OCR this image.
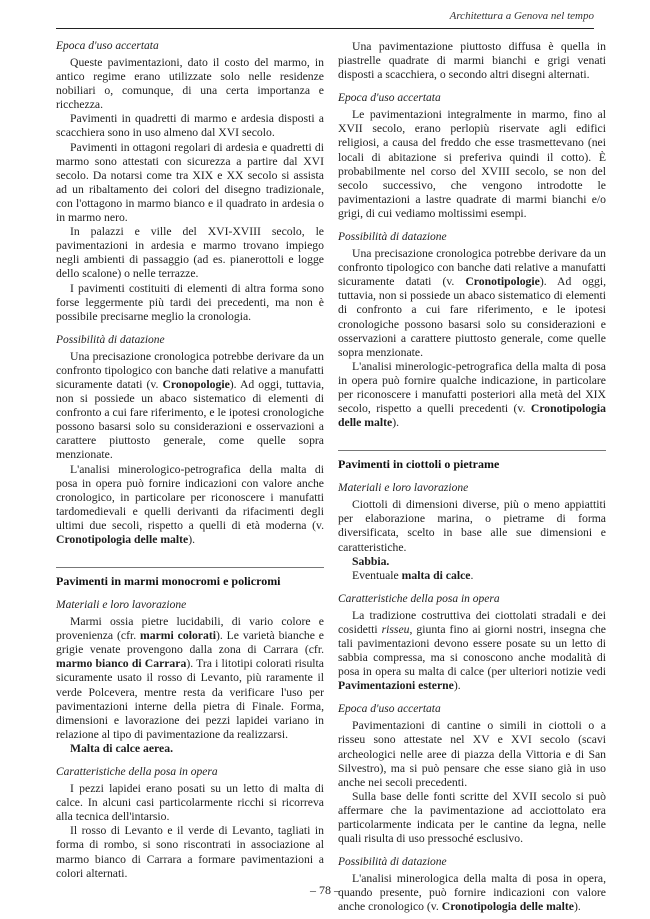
Architettura a Genova nel tempo
Epoca d'uso accertata

Queste pavimentazioni, dato il costo del marmo, in antico regime erano utilizzate solo nelle residenze nobiliari o, comunque, di una certa importanza e ricchezza.

Pavimenti in quadretti di marmo e ardesia disposti a scacchiera sono in uso almeno dal XVI secolo.

Pavimenti in ottagoni regolari di ardesia e quadretti di marmo sono attestati con sicurezza a partire dal XVI secolo. Da notarsi come tra XIX e XX secolo si assista ad un ribaltamento dei colori del disegno tradizionale, con l'ottagono in marmo bianco e il quadrato in ardesia o in marmo nero.

In palazzi e ville del XVI-XVIII secolo, le pavimentazioni in ardesia e marmo trovano impiego negli ambienti di passaggio (ad es. pianerottoli e logge dello scalone) o nelle terrazze.

I pavimenti costituiti di elementi di altra forma sono forse leggermente più tardi dei precedenti, ma non è possibile precisarne meglio la cronologia.

Possibilità di datazione

Una precisazione cronologica potrebbe derivare da un confronto tipologico con banche dati relative a manufatti sicuramente datati (v. Cronopologie). Ad oggi, tuttavia, non si possiede un abaco sistematico di elementi di confronto a cui fare riferimento, e le ipotesi cronologiche possono basarsi solo su considerazioni e osservazioni a carattere piuttosto generale, come quelle sopra menzionate.

L'analisi minerologico-petrografica della malta di posa in opera può fornire indicazioni con valore anche cronologico, in particolare per riconoscere i manufatti tardomedievali e quelli derivanti da rifacimenti degli ultimi due secoli, rispetto a quelli di età moderna (v. Cronotipologia delle malte).

Pavimenti in marmi monocromi e policromi
Materiali e loro lavorazione

Marmi ossia pietre lucidabili, di vario colore e provenienza (cfr. marmi colorati). Le varietà bianche e grigie venate provengono dalla zona di Carrara (cfr. marmo bianco di Carrara). Tra i litotipi colorati risulta sicuramente usato il rosso di Levanto, più raramente il verde Polcevera, mentre resta da verificare l'uso per pavimentazioni interne della pietra di Finale. Forma, dimensioni e lavorazione dei pezzi lapidei variano in relazione al tipo di pavimentazione da realizzarsi.

Malta di calce aerea.

Caratteristiche della posa in opera

I pezzi lapidei erano posati su un letto di malta di calce. In alcuni casi particolarmente ricchi si ricorreva alla tecnica dell'intarsio.

Il rosso di Levanto e il verde di Levanto, tagliati in forma di rombo, si sono riscontrati in associazione al marmo bianco di Carrara a formare pavimentazioni a colori alternati.

Una pavimentazione piuttosto diffusa è quella in piastrelle quadrate di marmi bianchi e grigi venati disposti a scacchiera, o secondo altri disegni alternati.

Epoca d'uso accertata

Le pavimentazioni integralmente in marmo, fino al XVII secolo, erano perlopiù riservate agli edifici religiosi, a causa del freddo che esse trasmettevano (nei locali di abitazione si preferiva quindi il cotto). È probabilmente nel corso del XVIII secolo, se non del secolo successivo, che vengono introdotte le pavimentazioni a lastre quadrate di marmi bianchi e/o grigi, di cui vediamo moltissimi esempi.

Possibilità di datazione

Una precisazione cronologica potrebbe derivare da un confronto tipologico con banche dati relative a manufatti sicuramente datati (v. Cronotipologie). Ad oggi, tuttavia, non si possiede un abaco sistematico di elementi di confronto a cui fare riferimento, e le ipotesi cronologiche possono basarsi solo su considerazioni e osservazioni a carattere piuttosto generale, come quelle sopra menzionate.

L'analisi minerologic-petrografica della malta di posa in opera può fornire qualche indicazione, in particolare per riconoscere i manufatti posteriori alla metà del XIX secolo, rispetto a quelli precedenti (v. Cronotipologia delle malte).

Pavimenti in ciottoli o pietrame
Materiali e loro lavorazione

Ciottoli di dimensioni diverse, più o meno appiattiti per elaborazione marina, o pietrame di forma diversificata, scelto in base alle sue dimensioni e caratteristiche.

Sabbia.

Eventuale malta di calce.

Caratteristiche della posa in opera

La tradizione costruttiva dei ciottolati stradali e dei cosidetti risseu, giunta fino ai giorni nostri, insegna che tali pavimentazioni devono essere posate su un letto di sabbia compressa, ma si conoscono anche modalità di posa in opera su malta di calce (per ulteriori notizie vedi Pavimentazioni esterne).

Epoca d'uso accertata

Pavimentazioni di cantine o simili in ciottoli o a risseu sono attestate nel XV e XVI secolo (scavi archeologici nelle aree di piazza della Vittoria e di San Silvestro), ma si può pensare che esse siano già in uso anche nei secoli precedenti.

Sulla base delle fonti scritte del XVII secolo si può affermare che la pavimentazione ad acciottolato era particolarmente indicata per le cantine da legna, nelle quali risulta di uso pressoché esclusivo.

Possibilità di datazione

L'analisi minerologica della malta di posa in opera, quando presente, può fornire indicazioni con valore anche cronologico (v. Cronotipologia delle malte).

– 78 –
